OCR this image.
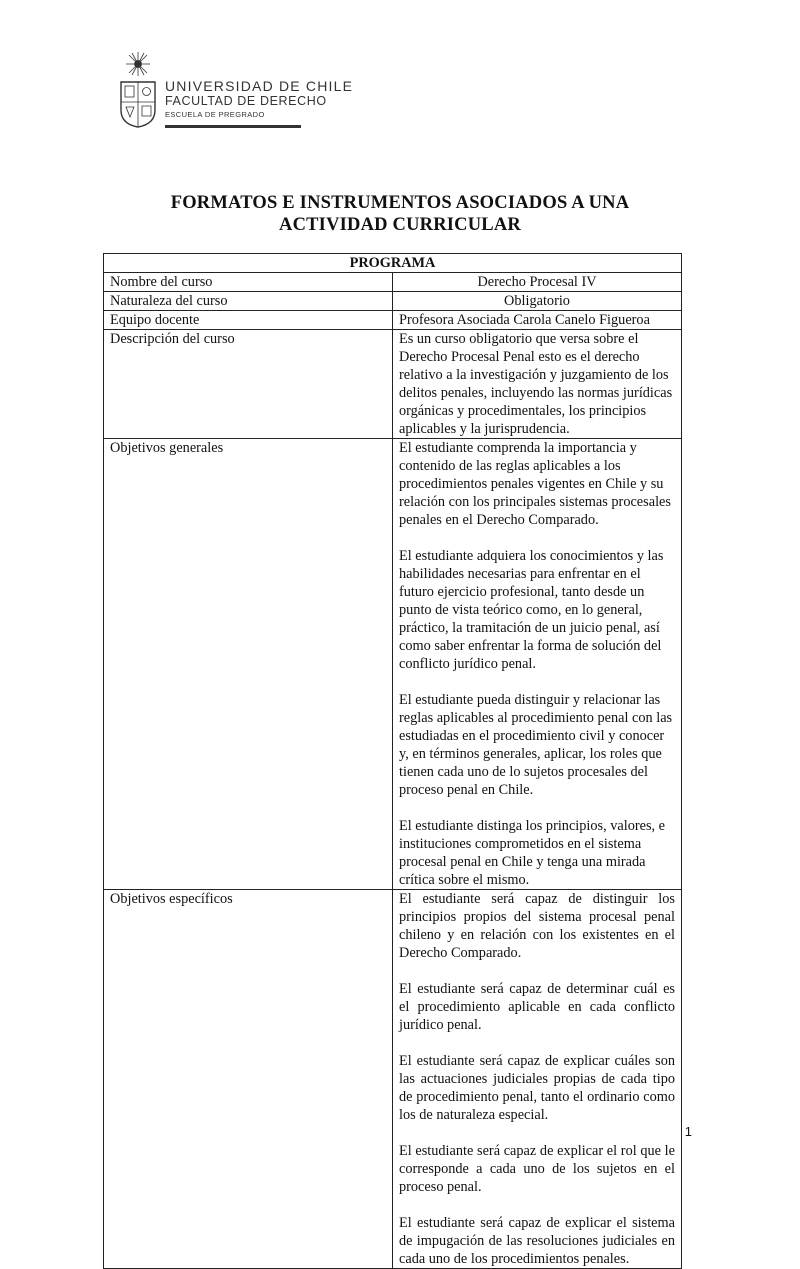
UNIVERSIDAD DE CHILE
FACULTAD DE DERECHO
ESCUELA DE PREGRADO
FORMATOS E INSTRUMENTOS ASOCIADOS A UNA
ACTIVIDAD CURRICULAR
PROGRAMA	
Nombre del curso	Derecho Procesal IV
Naturaleza del curso	Obligatorio
Equipo docente	Profesora Asociada Carola Canelo Figueroa
Descripción del curso	Es un curso obligatorio que versa sobre el Derecho Procesal Penal esto es el derecho relativo a la investigación y juzgamiento de los delitos penales, incluyendo las normas jurídicas orgánicas y procedimentales, los principios aplicables y la jurisprudencia.
Objetivos generales	El estudiante comprenda la importancia y contenido de las reglas aplicables a los procedimientos penales vigentes en Chile y su relación con los principales sistemas procesales penales en el Derecho Comparado.

El estudiante adquiera los conocimientos y las habilidades necesarias para enfrentar en el futuro ejercicio profesional, tanto desde un punto de vista teórico como, en lo general, práctico, la tramitación de un juicio penal, así como saber enfrentar la forma de solución del conflicto jurídico penal.

El estudiante pueda distinguir y relacionar las reglas aplicables al procedimiento penal con las estudiadas en el procedimiento civil y conocer y, en términos generales, aplicar, los roles que tienen cada uno de lo sujetos procesales del proceso penal en Chile.

El estudiante distinga los principios, valores, e instituciones comprometidos en el sistema procesal penal en Chile y tenga una mirada crítica sobre el mismo.

Objetivos específicos	El estudiante será capaz de distinguir los principios propios del sistema procesal penal chileno y en relación con los existentes en el Derecho Comparado.

El estudiante será capaz de determinar cuál es el procedimiento aplicable en cada conflicto jurídico penal.

El estudiante será capaz de explicar cuáles son las actuaciones judiciales propias de cada tipo de procedimiento penal, tanto el ordinario como los de naturaleza especial.

El estudiante será capaz de explicar el rol que le corresponde a cada uno de los sujetos en el proceso penal.

El estudiante será capaz de explicar el sistema de impugación de las resoluciones judiciales en cada uno de los procedimientos penales.

1
